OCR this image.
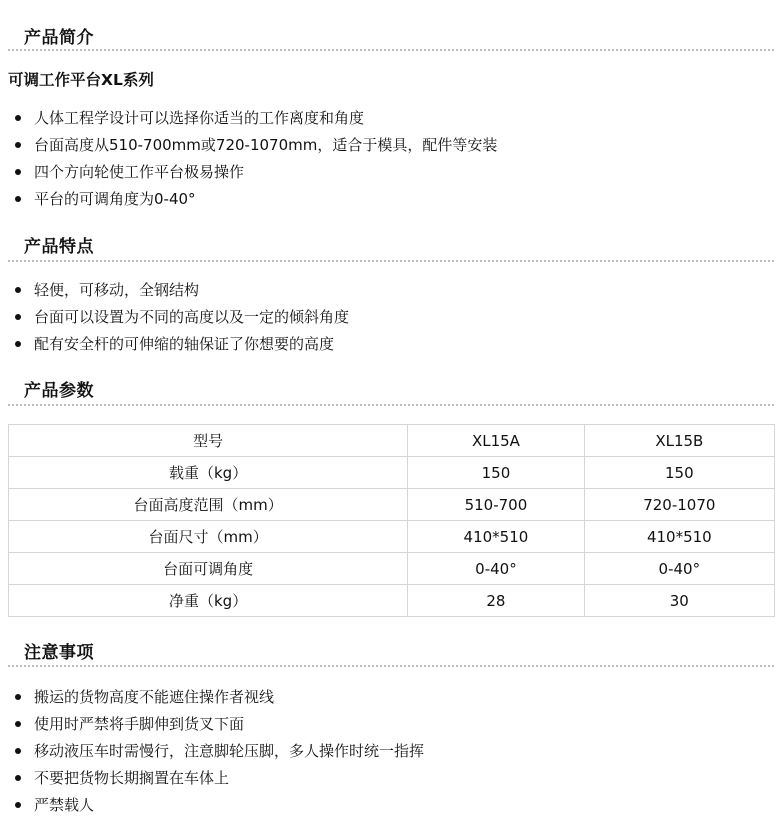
产品简介
可调工作平台XL系列
人体工程学设计可以选择你适当的工作离度和角度
台面高度从510-700mm或720-1070mm，适合于模具，配件等安装
四个方向轮使工作平台极易操作
平台的可调角度为0-40°
产品特点
轻便，可移动，全钢结构
台面可以设置为不同的高度以及一定的倾斜角度
配有安全杆的可伸缩的轴保证了你想要的高度
产品参数
型号	XL15A	XL15B
载重（kg）	150	150
台面高度范围（mm）	510-700	720-1070
台面尺寸（mm）	410*510	410*510
台面可调角度	0-40°	0-40°
净重（kg）	28	30
注意事项
搬运的货物高度不能遮住操作者视线
使用时严禁将手脚伸到货叉下面
移动液压车时需慢行，注意脚轮压脚，多人操作时统一指挥
不要把货物长期搁置在车体上
严禁载人
